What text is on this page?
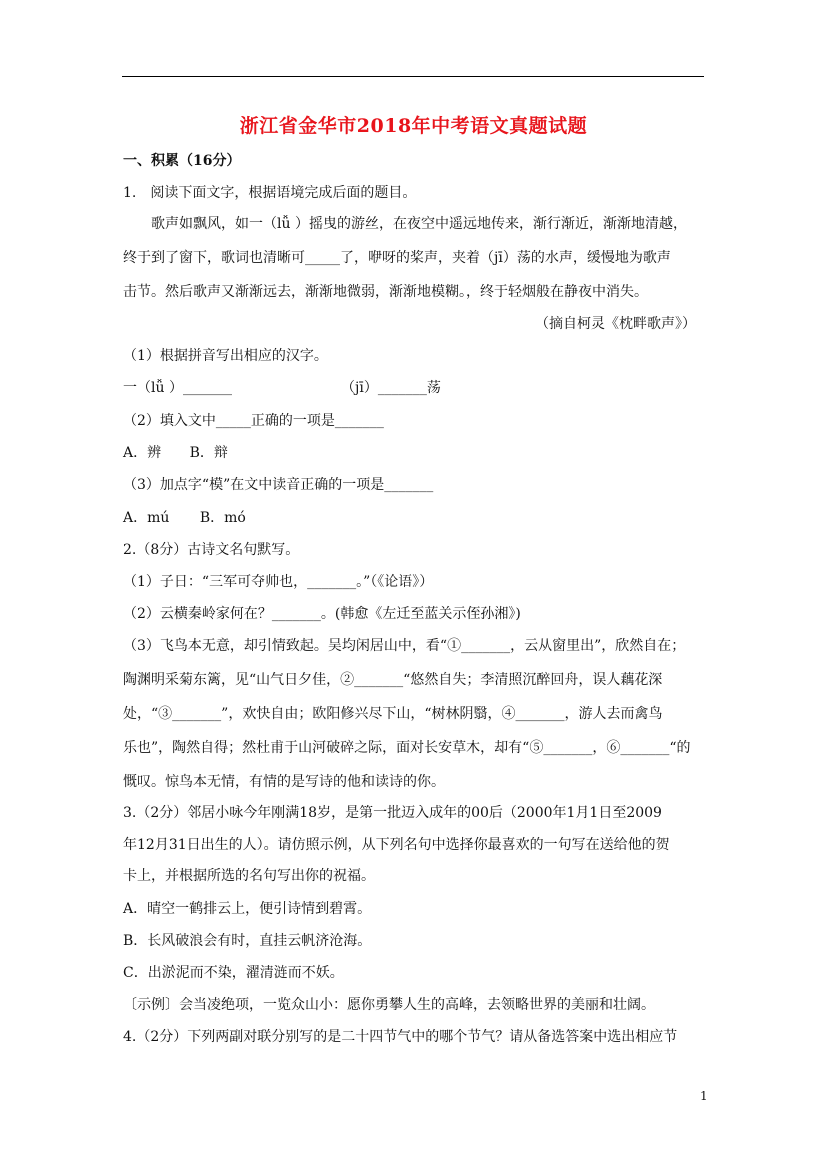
浙江省金华市2018年中考语文真题试题
一、积累（16分）
1.　阅读下面文字，根据语境完成后面的题目。
歌声如飘风，如一（lǚ ）摇曳的游丝，在夜空中遥远地传来，渐行渐近，渐渐地清越，
终于到了窗下，歌词也清晰可_____了，咿呀的桨声，夹着（jī）荡的水声，缓慢地为歌声
击节。然后歌声又渐渐远去，渐渐地微弱，渐渐地模糊。，终于轻烟般在静夜中消失。
（摘自柯灵《枕畔歌声》）
（1）根据拼音写出相应的汉字。
一（lǚ ）_______	（jī）_______荡
（2）填入文中_____正确的一项是_______
A．辨 B．辩
（3）加点字“模”在文中读音正确的一项是_______
A．mú B．mó
2.（8分）古诗文名句默写。
（1）子日：“三军可夺帅也，_______。”（《论语》）
（2）云横秦岭家何在？_______。(韩愈《左迁至蓝关示侄孙湘》)
（3）飞鸟本无意，却引情致起。吴均闲居山中，看“①_______，云从窗里出”，欣然自在；
陶渊明采菊东篱，见“山气日夕佳，②_______“悠然自失；李清照沉醉回舟，误人藕花深
处，“③_______”，欢快自由；欧阳修兴尽下山，“树林阴翳，④_______，游人去而禽鸟
乐也”，陶然自得；然杜甫于山河破碎之际，面对长安草木，却有“⑤_______，⑥_______“的
慨叹。惊鸟本无情，有情的是写诗的他和读诗的你。
3.（2分）邻居小咏今年刚满18岁，是第一批迈入成年的00后（2000年1月1日至2009
年12月31日出生的人）。请仿照示例，从下列名句中选择你最喜欢的一句写在送给他的贺
卡上，并根据所选的名句写出你的祝福。
A．晴空一鹤排云上，便引诗情到碧霄。
B．长风破浪会有时，直挂云帆济沧海。
C．出淤泥而不染，濯清涟而不妖。
〔示例〕会当凌绝项，一览众山小：愿你勇攀人生的高峰，去领略世界的美丽和壮阔。
4.（2分）下列两副对联分别写的是二十四节气中的哪个节气？请从备选答案中选出相应节
1
